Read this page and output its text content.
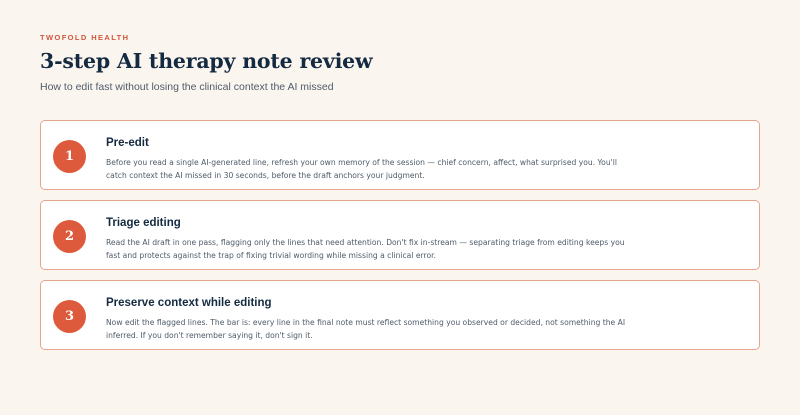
TWOFOLD HEALTH
3-step AI therapy note review

How to edit fast without losing the clinical context the AI missed

1
Pre-edit
Before you read a single AI-generated line, refresh your own memory of the session — chief concern, affect, what surprised you. You'll catch context the AI missed in 30 seconds, before the draft anchors your judgment.
2
Triage editing
Read the AI draft in one pass, flagging only the lines that need attention. Don't fix in-stream — separating triage from editing keeps you fast and protects against the trap of fixing trivial wording while missing a clinical error.
3
Preserve context while editing
Now edit the flagged lines. The bar is: every line in the final note must reflect something you observed or decided, not something the AI inferred. If you don't remember saying it, don't sign it.
